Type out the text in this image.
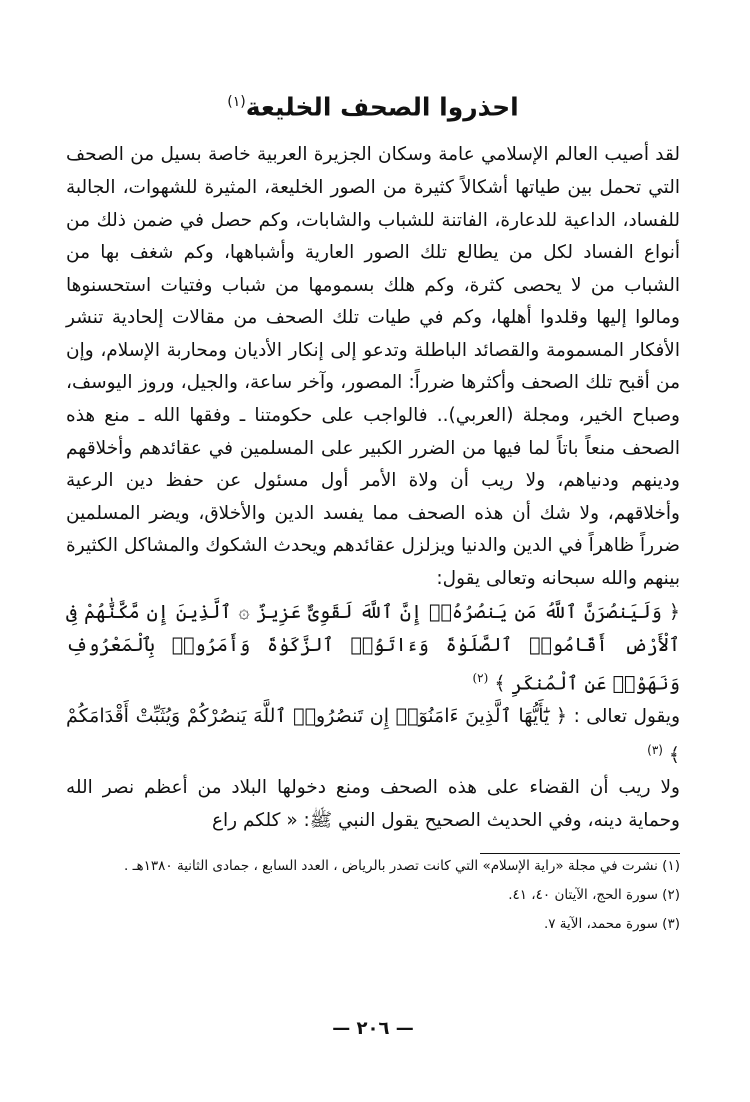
احذروا الصحف الخليعة$^{(١)}$

لقد أصيب العالم الإسلامي عامة وسكان الجزيرة العربية خاصة بسيل من الصحف التي تحمل بين طياتها أشكالاً كثيرة من الصور الخليعة، المثيرة للشهوات، الجالبة للفساد، الداعية للدعارة، الفاتنة للشباب والشابات، وكم حصل في ضمن ذلك من أنواع الفساد لكل من يطالع تلك الصور العارية وأشباهها، وكم شغف بها من الشباب من لا يحصى كثرة، وكم هلك بسمومها من شباب وفتيات استحسنوها ومالوا إليها وقلدوا أهلها، وكم في طيات تلك الصحف من مقالات إلحادية تنشر الأفكار المسمومة والقصائد الباطلة وتدعو إلى إنكار الأديان ومحاربة الإسلام، وإن من أقبح تلك الصحف وأكثرها ضرراً: المصور، وآخر ساعة، والجيل، وروز اليوسف، وصباح الخير، ومجلة (العربي).. فالواجب على حكومتنا ـ وفقها الله ـ منع هذه الصحف منعاً باتاً لما فيها من الضرر الكبير على المسلمين في عقائدهم وأخلاقهم ودينهم ودنياهم، ولا ريب أن ولاة الأمر أول مسئول عن حفظ دين الرعية وأخلاقهم، ولا شك أن هذه الصحف مما يفسد الدين والأخلاق، ويضر المسلمين ضرراً ظاهراً في الدين والدنيا ويزلزل عقائدهم ويحدث الشكوك والمشاكل الكثيرة بينهم والله سبحانه وتعالى يقول:

﴿ وَلَيَنصُرَنَّ ٱللَّهُ مَن يَنصُرُهُۥٓ إِنَّ ٱللَّهَ لَقَوِىٌّ عَزِيزٌ ۞ ٱلَّذِينَ إِن مَّكَّنَّٰهُمْ فِى ٱلْأَرْضِ أَقَامُوا۟ ٱلصَّلَوٰةَ وَءَاتَوُا۟ ٱلزَّكَوٰةَ وَأَمَرُوا۟ بِٱلْمَعْرُوفِ وَنَهَوْا۟ عَنِ ٱلْمُنكَرِ ﴾ $^{(٢)}$

ويقول تعالى : ﴿ يَٰٓأَيُّهَا ٱلَّذِينَ ءَامَنُوٓا۟ إِن تَنصُرُوا۟ ٱللَّهَ يَنصُرْكُمْ وَيُثَبِّتْ أَقْدَامَكُمْ ﴾ $^{(٣)}$

ولا ريب أن القضاء على هذه الصحف ومنع دخولها البلاد من أعظم نصر الله وحماية دينه، وفي الحديث الصحيح يقول النبي ﷺ: « كلكم راع

(١) نشرت في مجلة «راية الإسلام» التي كانت تصدر بالرياض ، العدد السابع ، جمادى الثانية ١٣٨٠هـ .

(٢) سورة الحج، الآيتان ٤٠، ٤١.

(٣) سورة محمد، الآية ٧.

— ٢٠٦ —
